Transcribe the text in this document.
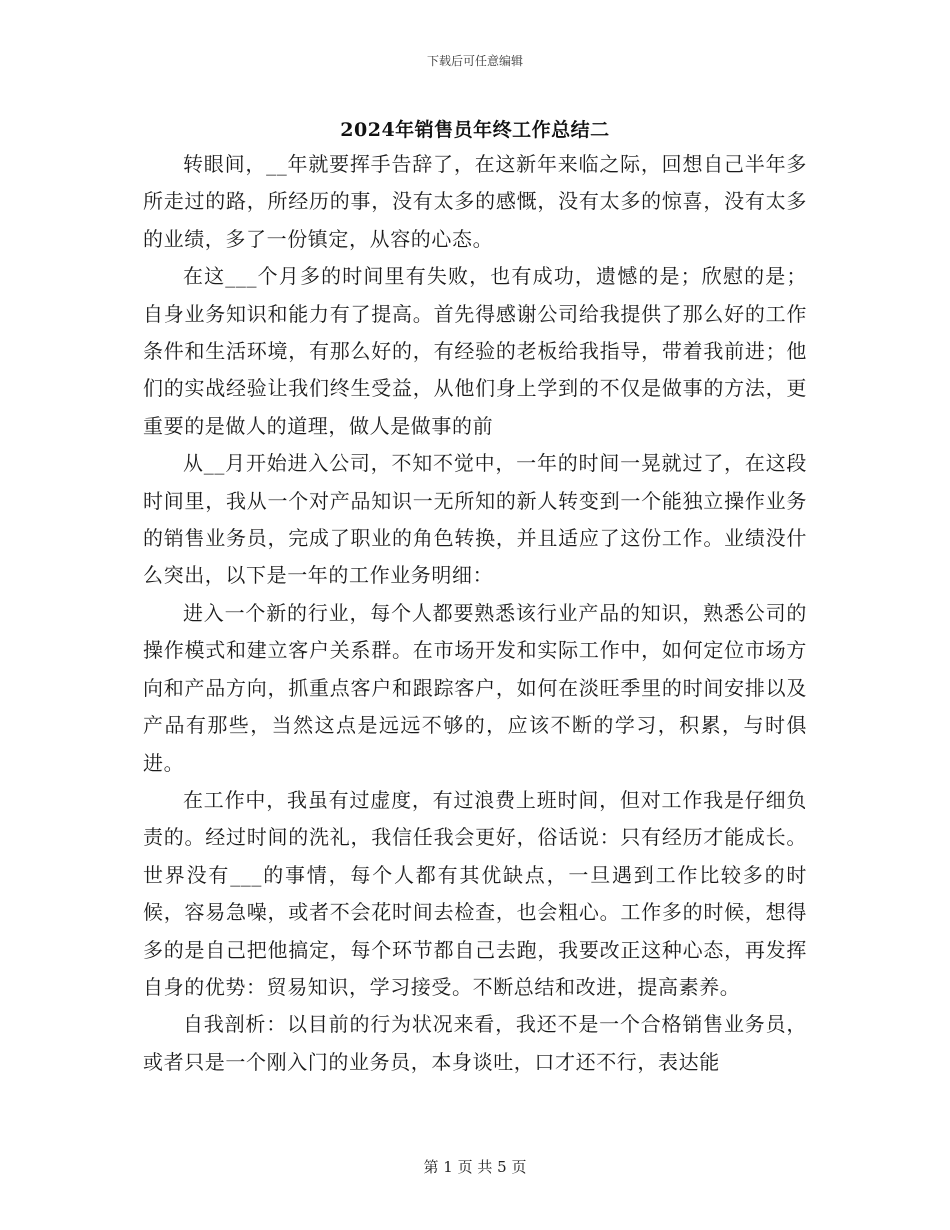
下载后可任意编辑
2024年销售员年终工作总结二

转眼间，__年就要挥手告辞了，在这新年来临之际，回想自己半年多所走过的路，所经历的事，没有太多的感慨，没有太多的惊喜，没有太多的业绩，多了一份镇定，从容的心态。

在这___个月多的时间里有失败，也有成功，遗憾的是；欣慰的是；自身业务知识和能力有了提高。首先得感谢公司给我提供了那么好的工作条件和生活环境，有那么好的，有经验的老板给我指导，带着我前进；他们的实战经验让我们终生受益，从他们身上学到的不仅是做事的方法，更重要的是做人的道理，做人是做事的前

从__月开始进入公司，不知不觉中，一年的时间一晃就过了，在这段时间里，我从一个对产品知识一无所知的新人转变到一个能独立操作业务的销售业务员，完成了职业的角色转换，并且适应了这份工作。业绩没什么突出，以下是一年的工作业务明细：

进入一个新的行业，每个人都要熟悉该行业产品的知识，熟悉公司的操作模式和建立客户关系群。在市场开发和实际工作中，如何定位市场方向和产品方向，抓重点客户和跟踪客户，如何在淡旺季里的时间安排以及产品有那些，当然这点是远远不够的，应该不断的学习，积累，与时俱进。

在工作中，我虽有过虚度，有过浪费上班时间，但对工作我是仔细负责的。经过时间的洗礼，我信任我会更好，俗话说：只有经历才能成长。世界没有___的事情，每个人都有其优缺点，一旦遇到工作比较多的时候，容易急噪，或者不会花时间去检查，也会粗心。工作多的时候，想得多的是自己把他搞定，每个环节都自己去跑，我要改正这种心态，再发挥自身的优势：贸易知识，学习接受。不断总结和改进，提高素养。

自我剖析：以目前的行为状况来看，我还不是一个合格销售业务员，或者只是一个刚入门的业务员，本身谈吐，口才还不行，表达能

第 1 页 共 5 页
